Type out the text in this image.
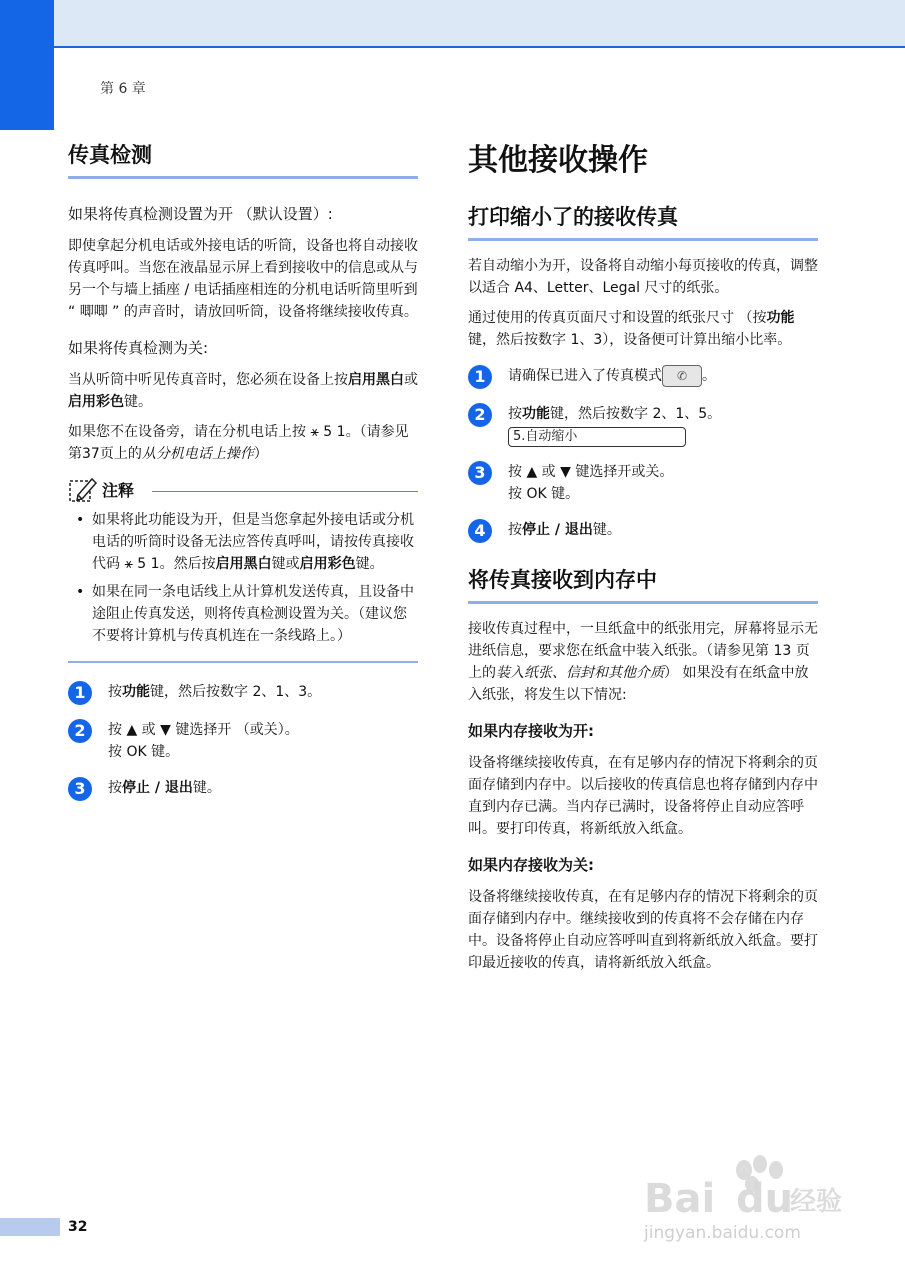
第 6 章
传真检测

如果将传真检测设置为开 （默认设置）:

即使拿起分机电话或外接电话的听筒，设备也将自动接收传真呼叫。当您在液晶显示屏上看到接收中的信息或从与另一个与墙上插座 / 电话插座相连的分机电话听筒里听到 “ 唧唧 ” 的声音时，请放回听筒，设备将继续接收传真。

如果将传真检测为关:

当从听筒中听见传真音时，您必须在设备上按启用黑白或启用彩色键。

如果您不在设备旁，请在分机电话上按 ⚹ 5 1。（请参见第37页上的从分机电话上操作）

注释
• 如果将此功能设为开，但是当您拿起外接电话或分机电话的听筒时设备无法应答传真呼叫，请按传真接收代码 ⚹ 5 1。然后按启用黑白键或启用彩色键。
• 如果在同一条电话线上从计算机发送传真，且设备中途阻止传真发送，则将传真检测设置为关。（建议您不要将计算机与传真机连在一条线路上。）
1	按功能键，然后按数字 2、1、3。
2	按 ▲ 或 ▼ 键选择开 （或关）。
按 OK 键。
3	按停止 / 退出键。
其他接收操作
打印缩小了的接收传真

若自动缩小为开，设备将自动缩小每页接收的传真，调整以适合 A4、Letter、Legal 尺寸的纸张。

通过使用的传真页面尺寸和设置的纸张尺寸 （按功能键，然后按数字 1、3），设备便可计算出缩小比率。

1	请确保已进入了传真模式 ✆ 。
2	按功能键，然后按数字 2、1、5。
5.自动缩小
3	按 ▲ 或 ▼ 键选择开或关。
按 OK 键。
4	按停止 / 退出键。
将传真接收到内存中

接收传真过程中，一旦纸盒中的纸张用完，屏幕将显示无进纸信息，要求您在纸盒中装入纸张。（请参见第 13 页上的装入纸张、信封和其他介质） 如果没有在纸盒中放入纸张，将发生以下情况:

如果内存接收为开:

设备将继续接收传真，在有足够内存的情况下将剩余的页面存储到内存中。以后接收的传真信息也将存储到内存中直到内存已满。当内存已满时，设备将停止自动应答呼叫。要打印传真，将新纸放入纸盒。

如果内存接收为关:

设备将继续接收传真，在有足够内存的情况下将剩余的页面存储到内存中。继续接收到的传真将不会存储在内存中。设备将停止自动应答呼叫直到将新纸放入纸盒。要打印最近接收的传真，请将新纸放入纸盒。

32
Bai du
经验
jingyan.baidu.com
